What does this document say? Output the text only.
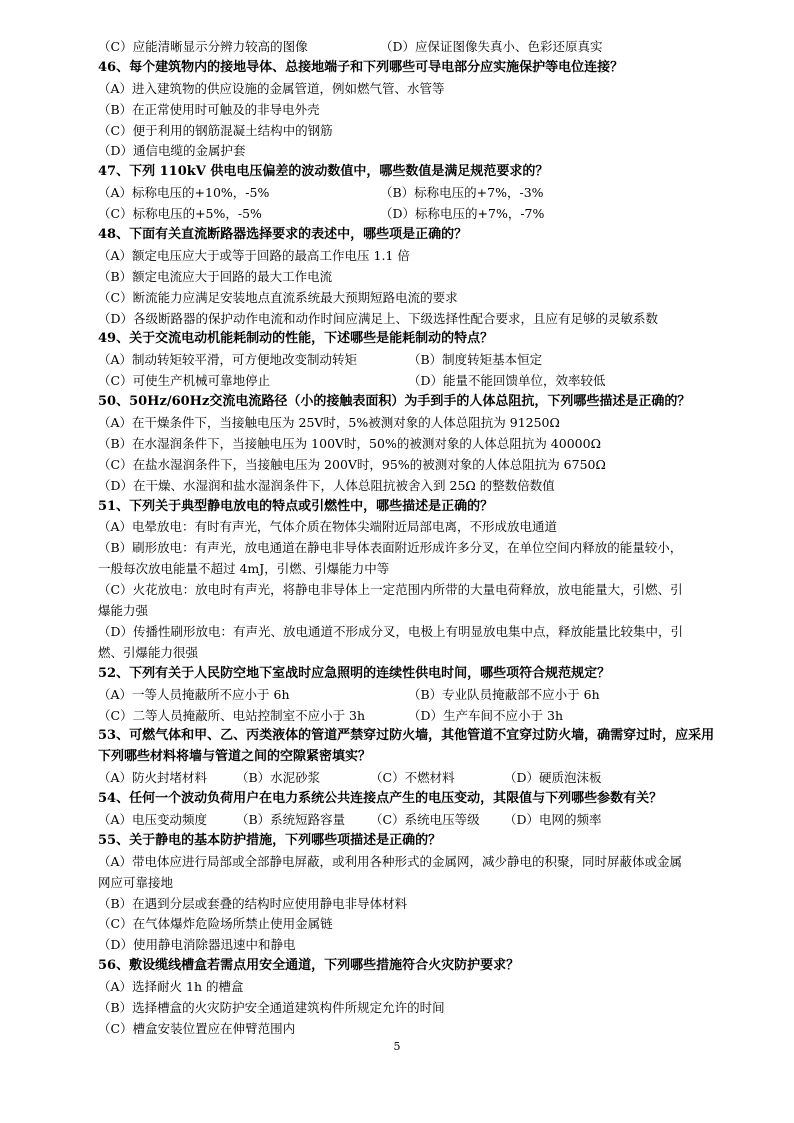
（C）应能清晰显示分辨力较高的图像	（D）应保证图像失真小、色彩还原真实
46、每个建筑物内的接地导体、总接地端子和下列哪些可导电部分应实施保护等电位连接？
（A）进入建筑物的供应设施的金属管道，例如燃气管、水管等
（B）在正常使用时可触及的非导电外壳
（C）便于利用的钢筋混凝土结构中的钢筋
（D）通信电缆的金属护套
47、下列 110kV 供电电压偏差的波动数值中，哪些数值是满足规范要求的？
（A）标称电压的+10%，-5%	（B）标称电压的+7%，-3%
（C）标称电压的+5%，-5%	（D）标称电压的+7%，-7%
48、下面有关直流断路器选择要求的表述中，哪些项是正确的？
（A）额定电压应大于或等于回路的最高工作电压 1.1 倍
（B）额定电流应大于回路的最大工作电流
（C）断流能力应满足安装地点直流系统最大预期短路电流的要求
（D）各级断路器的保护动作电流和动作时间应满足上、下级选择性配合要求，且应有足够的灵敏系数
49、关于交流电动机能耗制动的性能，下述哪些是能耗制动的特点？
（A）制动转矩较平滑，可方便地改变制动转矩	（B）制度转矩基本恒定
（C）可使生产机械可靠地停止	（D）能量不能回馈单位，效率较低
50、50Hz/60Hz交流电流路径（小的接触表面积）为手到手的人体总阻抗，下列哪些描述是正确的？
（A）在干燥条件下，当接触电压为 25V时，5%被测对象的人体总阻抗为 91250Ω
（B）在水湿润条件下，当接触电压为 100V时，50%的被测对象的人体总阻抗为 40000Ω
（C）在盐水湿润条件下，当接触电压为 200V时，95%的被测对象的人体总阻抗为 6750Ω
（D）在干燥、水湿润和盐水湿润条件下，人体总阻抗被舍入到 25Ω 的整数倍数值
51、下列关于典型静电放电的特点或引燃性中，哪些描述是正确的？
（A）电晕放电：有时有声光，气体介质在物体尖端附近局部电离，不形成放电通道
（B）刷形放电：有声光，放电通道在静电非导体表面附近形成许多分叉，在单位空间内释放的能量较小，
一般每次放电能量不超过 4mJ，引燃、引爆能力中等
（C）火花放电：放电时有声光，将静电非导体上一定范围内所带的大量电荷释放，放电能量大，引燃、引
爆能力强
（D）传播性刷形放电：有声光、放电通道不形成分叉，电极上有明显放电集中点，释放能量比较集中，引
燃、引爆能力很强
52、下列有关于人民防空地下室战时应急照明的连续性供电时间，哪些项符合规范规定？
（A）一等人员掩蔽所不应小于 6h	（B）专业队员掩蔽部不应小于 6h
（C）二等人员掩蔽所、电站控制室不应小于 3h	（D）生产车间不应小于 3h
53、可燃气体和甲、乙、丙类液体的管道严禁穿过防火墙，其他管道不宜穿过防火墙，确需穿过时，应采用
下列哪些材料将墙与管道之间的空隙紧密填实？
（A）防火封堵材料	（B）水泥砂浆	（C）不燃材料	（D）硬质泡沫板
54、任何一个波动负荷用户在电力系统公共连接点产生的电压变动，其限值与下列哪些参数有关？
（A）电压变动频度	（B）系统短路容量	（C）系统电压等级	（D）电网的频率
55、关于静电的基本防护措施，下列哪些项描述是正确的？
（A）带电体应进行局部或全部静电屏蔽，或利用各种形式的金属网，减少静电的积聚，同时屏蔽体或金属
网应可靠接地
（B）在遇到分层或套叠的结构时应使用静电非导体材料
（C）在气体爆炸危险场所禁止使用金属链
（D）使用静电消除器迅速中和静电
56、敷设缆线槽盒若需点用安全通道，下列哪些措施符合火灾防护要求？
（A）选择耐火 1h 的槽盒
（B）选择槽盒的火灾防护安全通道建筑构件所规定允许的时间
（C）槽盒安装位置应在伸臂范围内
5
